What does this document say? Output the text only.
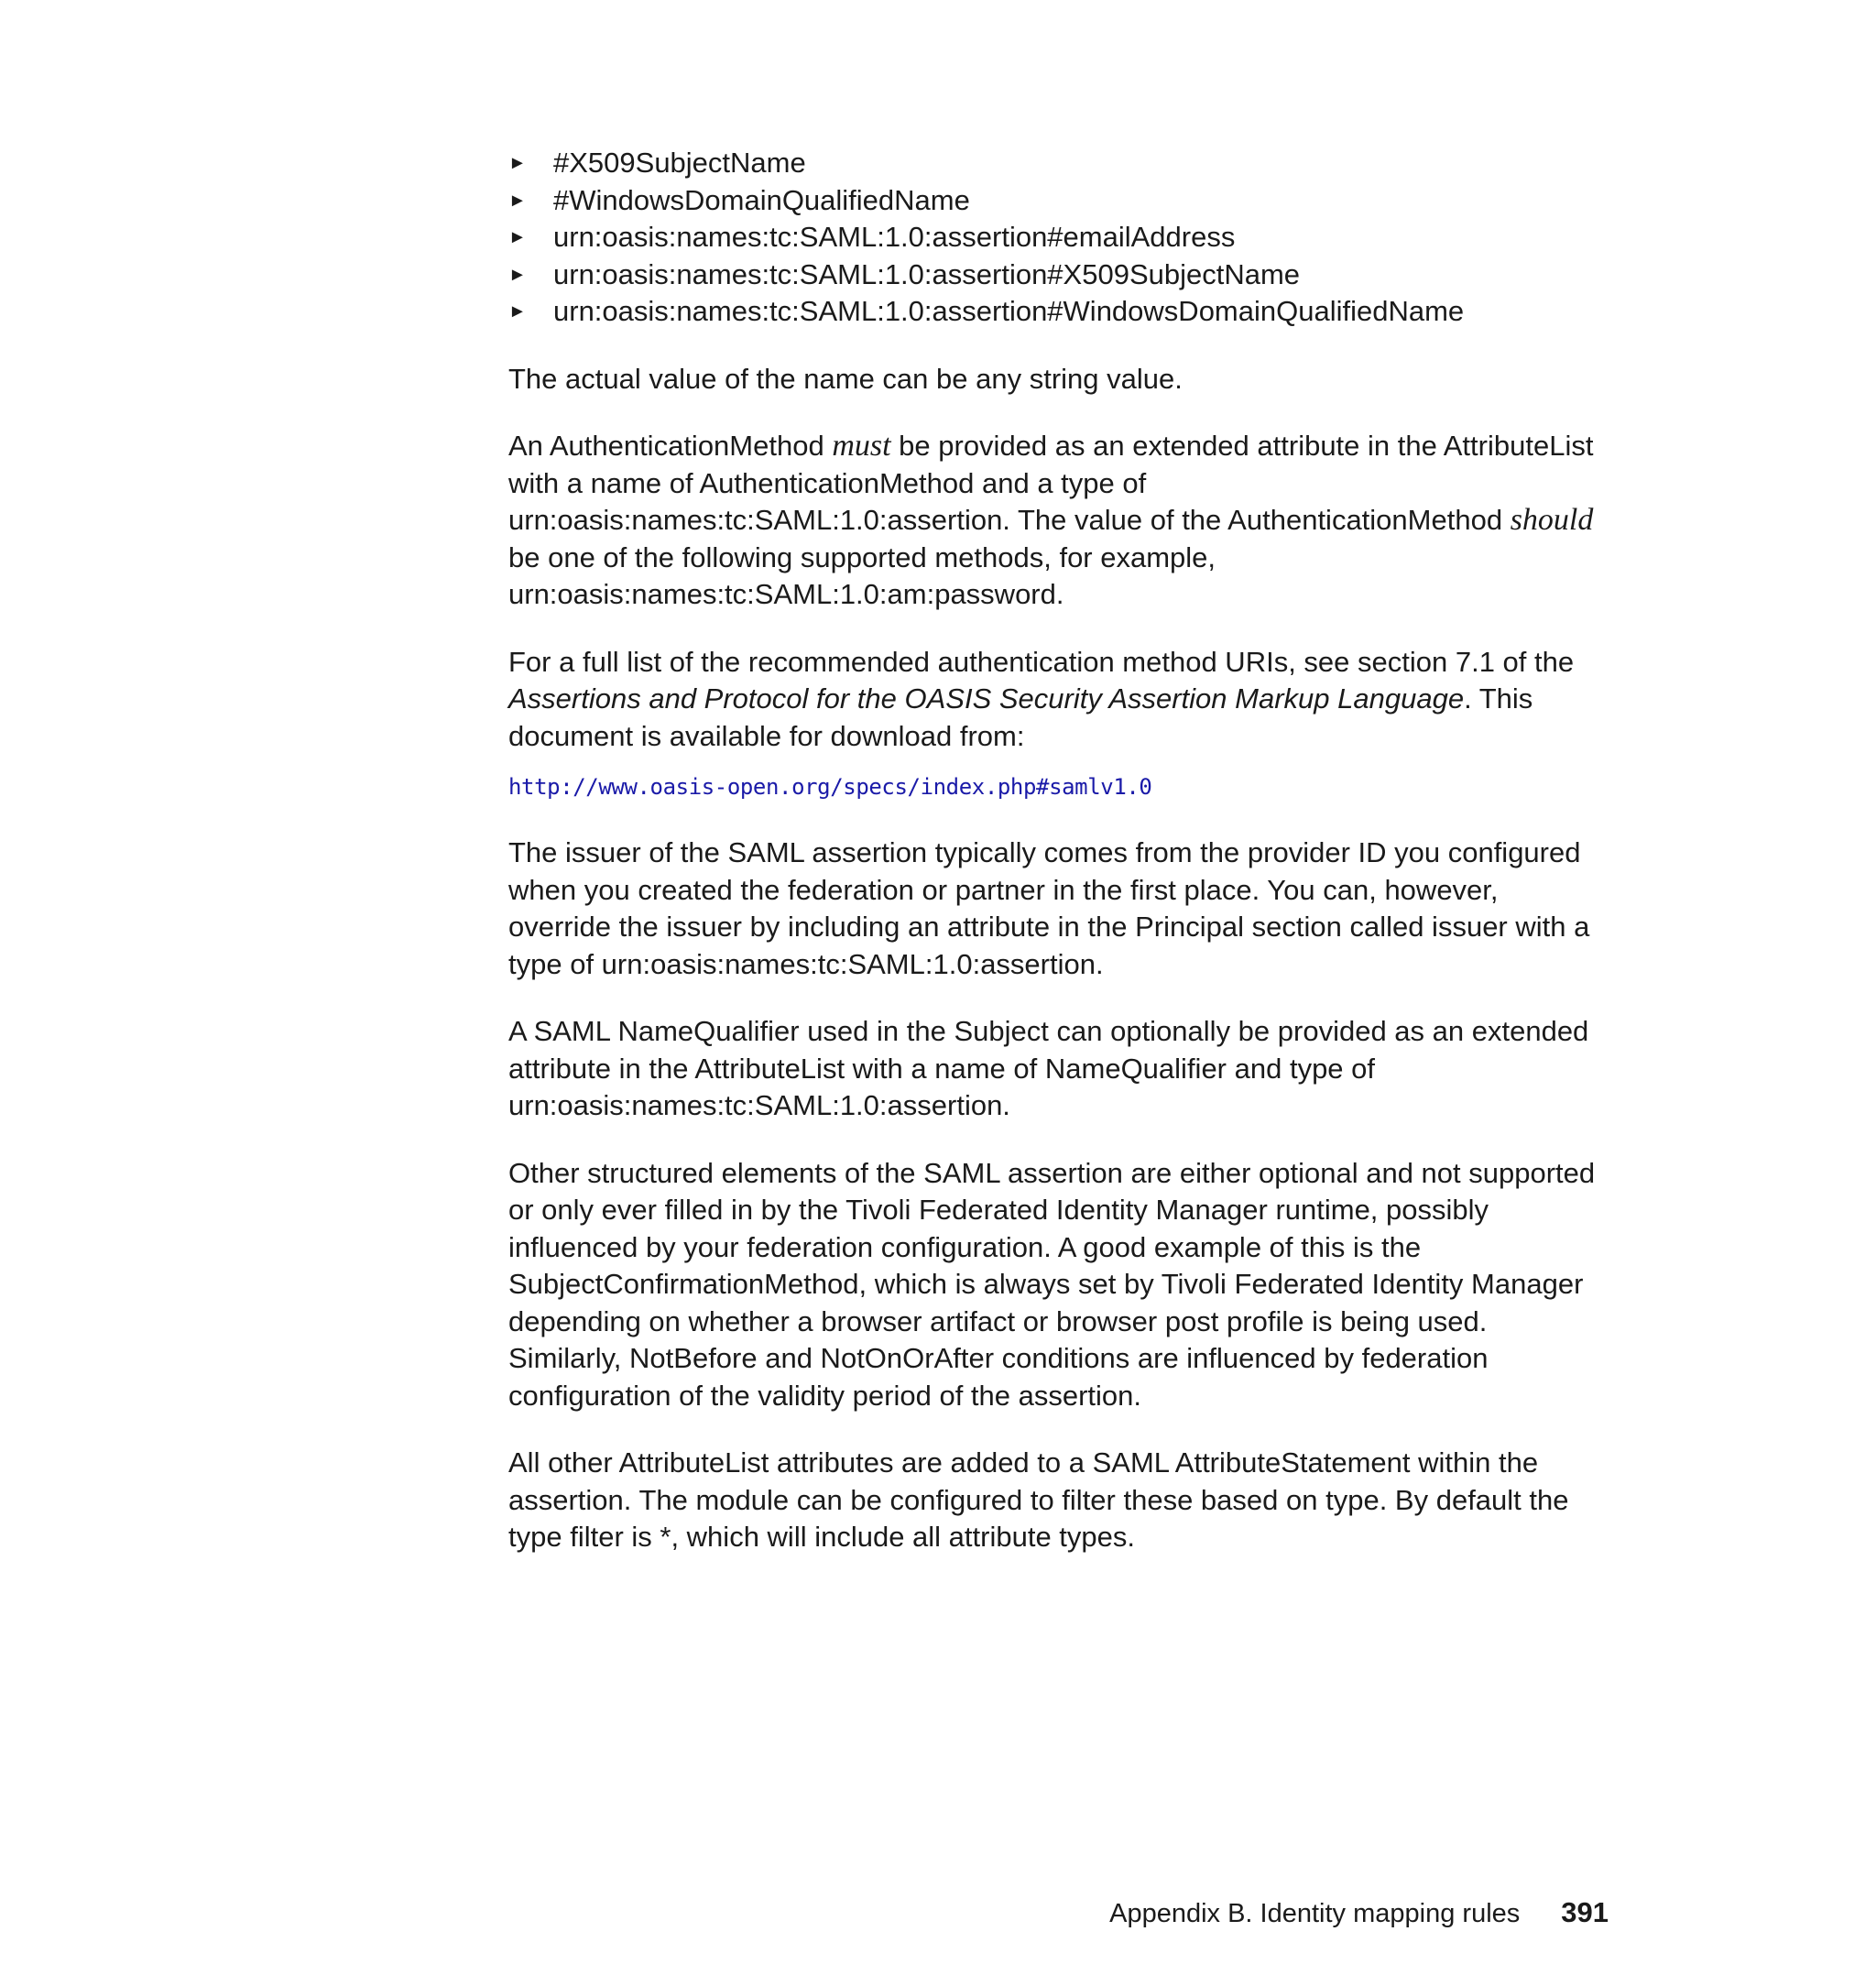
► #X509SubjectName
► #WindowsDomainQualifiedName
► urn:oasis:names:tc:SAML:1.0:assertion#emailAddress
► urn:oasis:names:tc:SAML:1.0:assertion#X509SubjectName
► urn:oasis:names:tc:SAML:1.0:assertion#WindowsDomainQualifiedName

The actual value of the name can be any string value.

An AuthenticationMethod must be provided as an extended attribute in the AttributeList with a name of AuthenticationMethod and a type of urn:oasis:names:tc:SAML:1.0:assertion. The value of the AuthenticationMethod should be one of the following supported methods, for example, urn:oasis:names:tc:SAML:1.0:am:password.

For a full list of the recommended authentication method URIs, see section 7.1 of the Assertions and Protocol for the OASIS Security Assertion Markup Language. This document is available for download from:

http://www.oasis-open.org/specs/index.php#samlv1.0

The issuer of the SAML assertion typically comes from the provider ID you configured when you created the federation or partner in the first place. You can, however, override the issuer by including an attribute in the Principal section called issuer with a type of urn:oasis:names:tc:SAML:1.0:assertion.

A SAML NameQualifier used in the Subject can optionally be provided as an extended attribute in the AttributeList with a name of NameQualifier and type of urn:oasis:names:tc:SAML:1.0:assertion.

Other structured elements of the SAML assertion are either optional and not supported or only ever filled in by the Tivoli Federated Identity Manager runtime, possibly influenced by your federation configuration. A good example of this is the SubjectConfirmationMethod, which is always set by Tivoli Federated Identity Manager depending on whether a browser artifact or browser post profile is being used. Similarly, NotBefore and NotOnOrAfter conditions are influenced by federation configuration of the validity period of the assertion.

All other AttributeList attributes are added to a SAML AttributeStatement within the assertion. The module can be configured to filter these based on type. By default the type filter is *, which will include all attribute types.

Appendix B. Identity mapping rules 391
